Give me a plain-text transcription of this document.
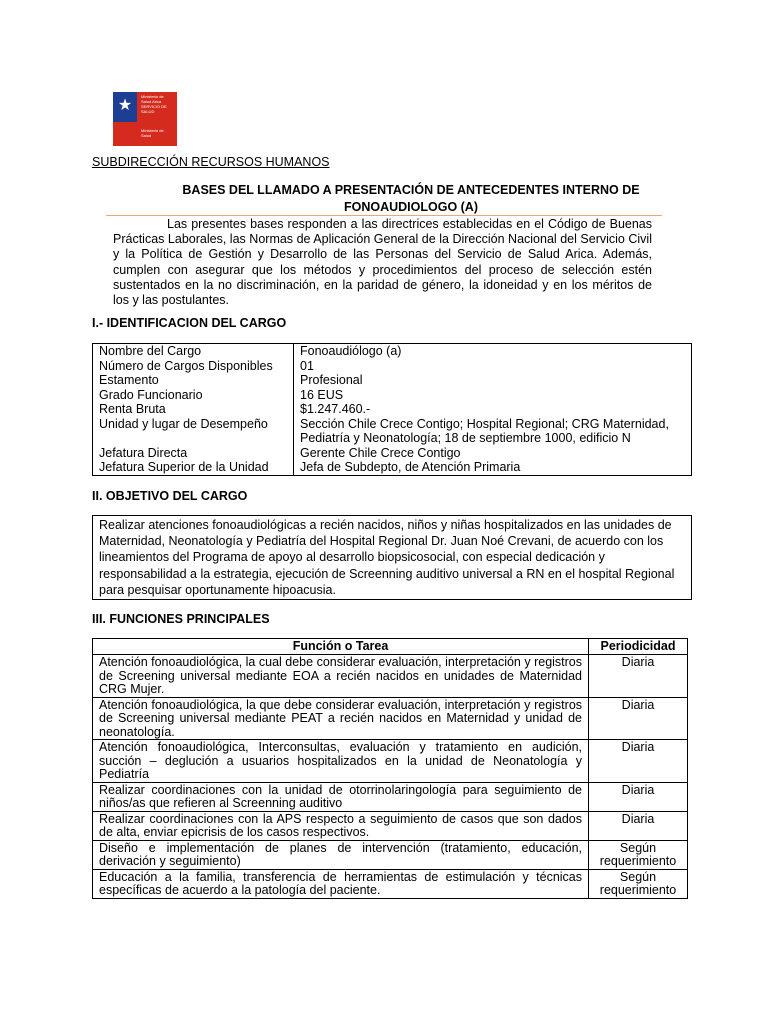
★ Ministerio de
Salud Arica
SERVICIO DE
SALUD
Ministerio de
Salud
SUBDIRECCIÓN RECURSOS HUMANOS
BASES DEL LLAMADO A PRESENTACIÓN DE ANTECEDENTES INTERNO DE
FONOAUDIOLOGO (A)
Las presentes bases responden a las directrices establecidas en el Código de Buenas Prácticas Laborales, las Normas de Aplicación General de la Dirección Nacional del Servicio Civil y la Política de Gestión y Desarrollo de las Personas del Servicio de Salud Arica. Además, cumplen con asegurar que los métodos y procedimientos del proceso de selección estén sustentados en la no discriminación, en la paridad de género, la idoneidad y en los méritos de los y las postulantes.
I.- IDENTIFICACION DEL CARGO
Nombre del Cargo	Fonoaudiólogo (a)
Número de Cargos Disponibles	01
Estamento	Profesional
Grado Funcionario	16 EUS
Renta Bruta	$1.247.460.-
Unidad y lugar de Desempeño	Sección Chile Crece Contigo; Hospital Regional; CRG Maternidad, Pediatría y Neonatología; 18 de septiembre 1000, edificio N
Jefatura Directa	Gerente Chile Crece Contigo
Jefatura Superior de la Unidad	Jefa de Subdepto, de Atención Primaria
II. OBJETIVO DEL CARGO
Realizar atenciones fonoaudiológicas a recién nacidos, niños y niñas hospitalizados en las unidades de Maternidad, Neonatología y Pediatría del Hospital Regional Dr. Juan Noé Crevani, de acuerdo con los lineamientos del Programa de apoyo al desarrollo biopsicosocial, con especial dedicación y responsabilidad a la estrategia, ejecución de Screenning auditivo universal a RN en el hospital Regional para pesquisar oportunamente hipoacusia.
III. FUNCIONES PRINCIPALES
Función o Tarea	Periodicidad
Atención fonoaudiológica, la cual debe considerar evaluación, interpretación y registros de Screening universal mediante EOA a recién nacidos en unidades de Maternidad CRG Mujer.	Diaria
Atención fonoaudiológica, la que debe considerar evaluación, interpretación y registros de Screening universal mediante PEAT a recién nacidos en Maternidad y unidad de neonatología.	Diaria
Atención fonoaudiológica, Interconsultas, evaluación y tratamiento en audición, succión – deglución a usuarios hospitalizados en la unidad de Neonatología y Pediatría	Diaria
Realizar coordinaciones con la unidad de otorrinolaringología para seguimiento de niños/as que refieren al Screenning auditivo	Diaria
Realizar coordinaciones con la APS respecto a seguimiento de casos que son dados de alta, enviar epicrisis de los casos respectivos.	Diaria
Diseño e implementación de planes de intervención (tratamiento, educación, derivación y seguimiento)	Según requerimiento
Educación a la familia, transferencia de herramientas de estimulación y técnicas específicas de acuerdo a la patología del paciente.	Según requerimiento
